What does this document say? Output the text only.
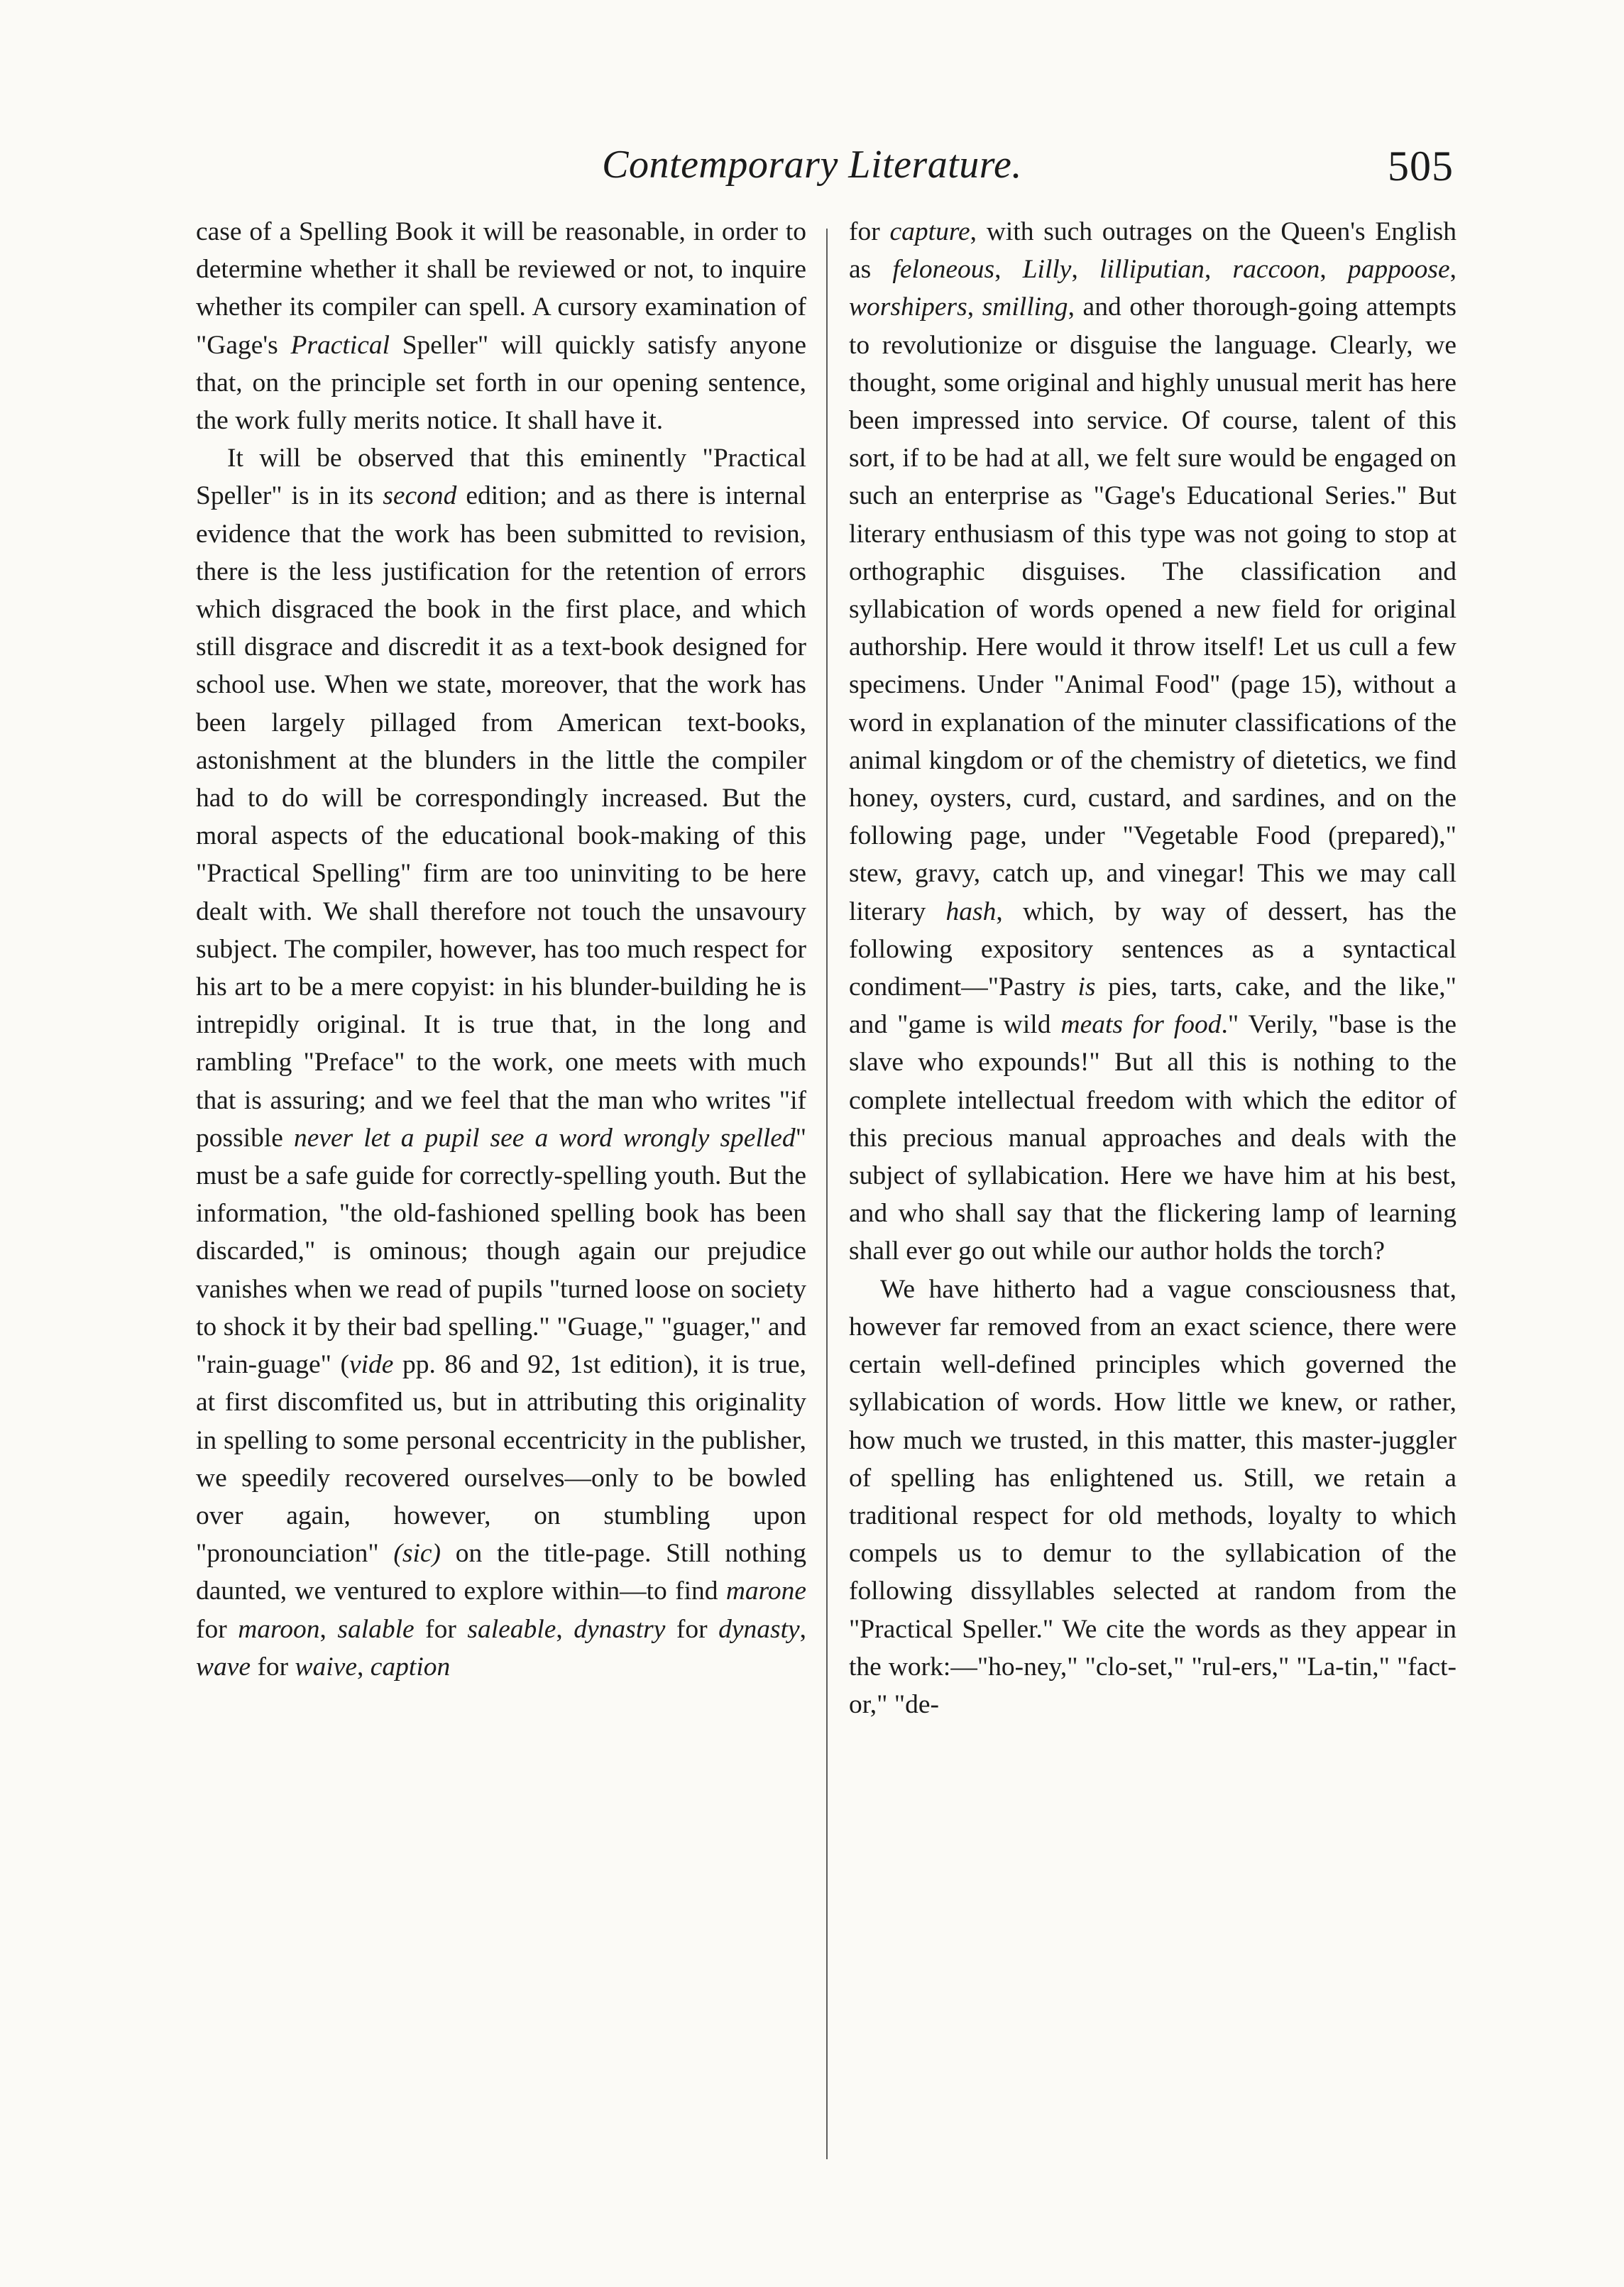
Contemporary Literature.	505

case of a Spelling Book it will be reasonable, in order to determine whether it shall be reviewed or not, to inquire whether its compiler can spell. A cursory examination of "Gage's Practical Speller" will quickly satisfy anyone that, on the principle set forth in our opening sentence, the work fully merits notice. It shall have it.

It will be observed that this eminently "Practical Speller" is in its second edition; and as there is internal evidence that the work has been submitted to revision, there is the less justification for the retention of errors which disgraced the book in the first place, and which still disgrace and discredit it as a text-book designed for school use. When we state, moreover, that the work has been largely pillaged from American text-books, astonishment at the blunders in the little the compiler had to do will be correspondingly increased. But the moral aspects of the educational book-making of this "Practical Spelling" firm are too uninviting to be here dealt with. We shall therefore not touch the unsavoury subject. The compiler, however, has too much respect for his art to be a mere copyist: in his blunder-building he is intrepidly original. It is true that, in the long and rambling "Preface" to the work, one meets with much that is assuring; and we feel that the man who writes "if possible never let a pupil see a word wrongly spelled" must be a safe guide for correctly-spelling youth. But the information, "the old-fashioned spelling book has been discarded," is ominous; though again our prejudice vanishes when we read of pupils "turned loose on society to shock it by their bad spelling." "Guage," "guager," and "rain-guage" (vide pp. 86 and 92, 1st edition), it is true, at first discomfited us, but in attributing this originality in spelling to some personal eccentricity in the publisher, we speedily recovered ourselves—only to be bowled over again, however, on stumbling upon "pronounciation" (sic) on the title-page. Still nothing daunted, we ventured to explore within—to find marone for maroon, salable for saleable, dynastry for dynasty, wave for waive, caption

for capture, with such outrages on the Queen's English as feloneous, Lilly, lilliputian, raccoon, pappoose, worshipers, smilling, and other thorough-going attempts to revolutionize or disguise the language. Clearly, we thought, some original and highly unusual merit has here been impressed into service. Of course, talent of this sort, if to be had at all, we felt sure would be engaged on such an enterprise as "Gage's Educational Series." But literary enthusiasm of this type was not going to stop at orthographic disguises. The classification and syllabication of words opened a new field for original authorship. Here would it throw itself! Let us cull a few specimens. Under "Animal Food" (page 15), without a word in explanation of the minuter classifications of the animal kingdom or of the chemistry of dietetics, we find honey, oysters, curd, custard, and sardines, and on the following page, under "Vegetable Food (prepared)," stew, gravy, catch up, and vinegar! This we may call literary hash, which, by way of dessert, has the following expository sentences as a syntactical condiment—"Pastry is pies, tarts, cake, and the like," and "game is wild meats for food." Verily, "base is the slave who expounds!" But all this is nothing to the complete intellectual freedom with which the editor of this precious manual approaches and deals with the subject of syllabication. Here we have him at his best, and who shall say that the flickering lamp of learning shall ever go out while our author holds the torch?

We have hitherto had a vague consciousness that, however far removed from an exact science, there were certain well-defined principles which governed the syllabication of words. How little we knew, or rather, how much we trusted, in this matter, this master-juggler of spelling has enlightened us. Still, we retain a traditional respect for old methods, loyalty to which compels us to demur to the syllabication of the following dissyllables selected at random from the "Practical Speller." We cite the words as they appear in the work:—"ho-ney," "clo-set," "rul-ers," "La-tin," "fact-or," "de-
